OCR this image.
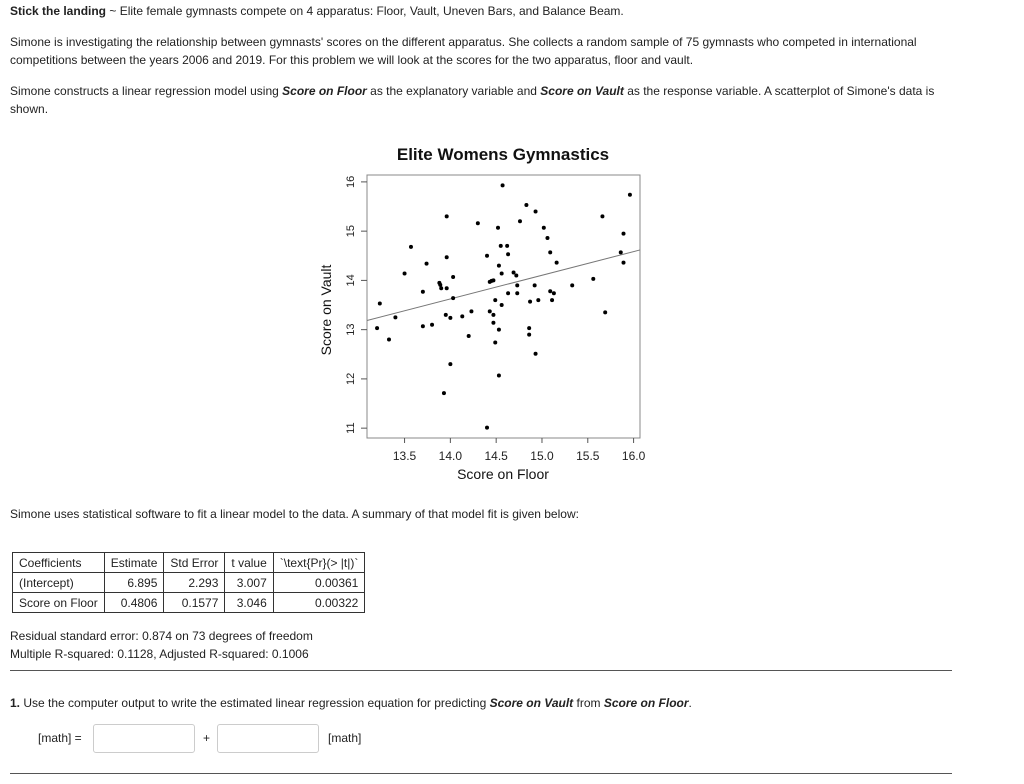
Stick the landing ~ Elite female gymnasts compete on 4 apparatus: Floor, Vault, Uneven Bars, and Balance Beam.
Simone is investigating the relationship between gymnasts' scores on the different apparatus. She collects a random sample of 75 gymnasts who competed in international competitions between the years 2006 and 2019. For this problem we will look at the scores for the two apparatus, floor and vault.
Simone constructs a linear regression model using Score on Floor as the explanatory variable and Score on Vault as the response variable. A scatterplot of Simone's data is shown.
Elite Womens Gymnastics
Score on Floor
Score on Vault
13.5 14.0 14.5 15.0 15.5 16.0
11
12
13
14
15
16
Simone uses statistical software to fit a linear model to the data. A summary of that model fit is given below:
Coefficients	Estimate	Std Error	t value	`\text{Pr}(> |t|)`
(Intercept)	6.895	2.293	3.007	0.00361
Score on Floor	0.4806	0.1577	3.046	0.00322
Residual standard error: 0.874 on 73 degrees of freedom
Multiple R-squared: 0.1128, Adjusted R-squared: 0.1006
1. Use the computer output to write the estimated linear regression equation for predicting Score on Vault from Score on Floor.
[math] =	+	[math]
